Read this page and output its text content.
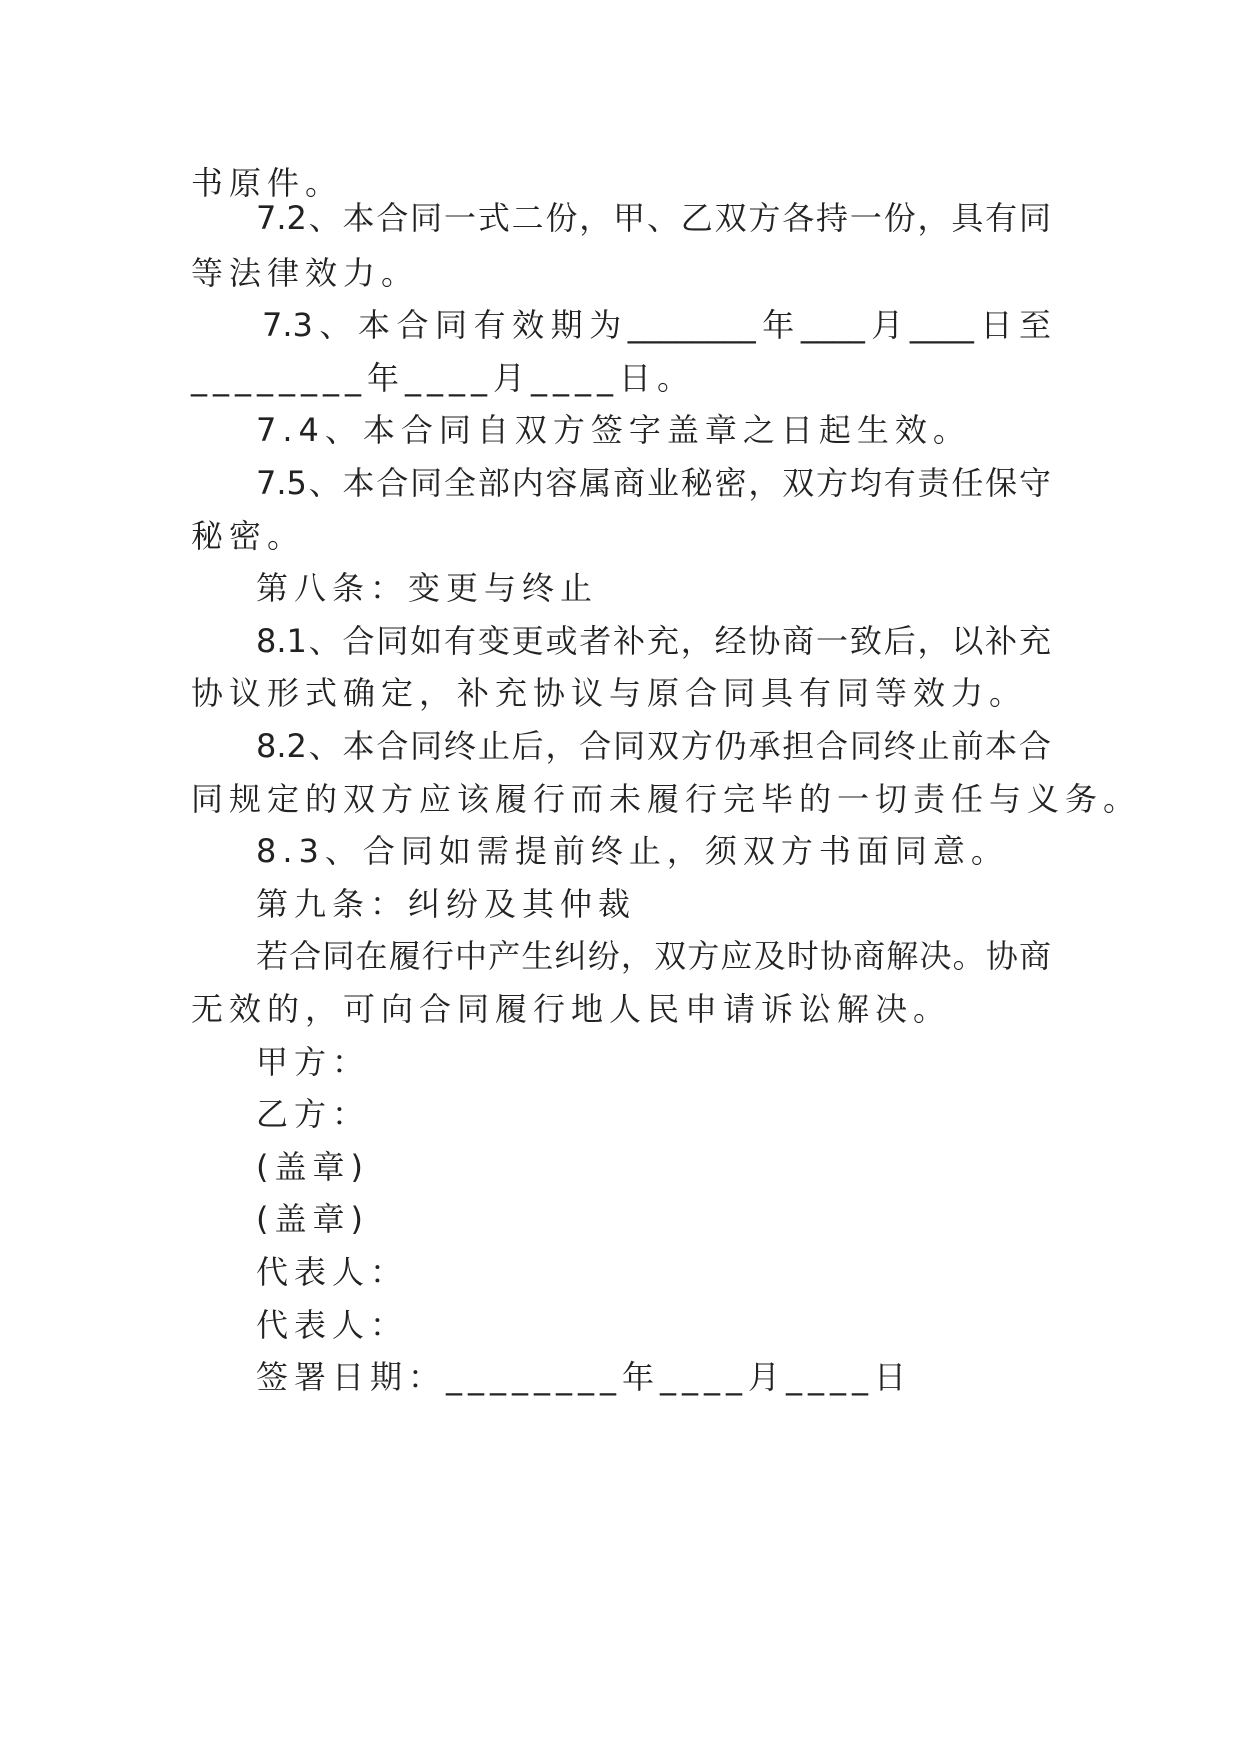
书原件。
7.2、本合同一式二份，甲、乙双方各持一份，具有同
等法律效力。
7.3、本合同有效期为________年____月____日至
________年____月____日。
7.4、本合同自双方签字盖章之日起生效。
7.5、本合同全部内容属商业秘密，双方均有责任保守
秘密。
第八条：变更与终止
8.1、合同如有变更或者补充，经协商一致后，以补充
协议形式确定，补充协议与原合同具有同等效力。
8.2、本合同终止后，合同双方仍承担合同终止前本合
同规定的双方应该履行而未履行完毕的一切责任与义务。
8.3、合同如需提前终止，须双方书面同意。
第九条：纠纷及其仲裁
若合同在履行中产生纠纷，双方应及时协商解决。协商
无效的，可向合同履行地人民申请诉讼解决。
甲方：
乙方：
(盖章)
(盖章)
代表人：
代表人：
签署日期：________年____月____日
